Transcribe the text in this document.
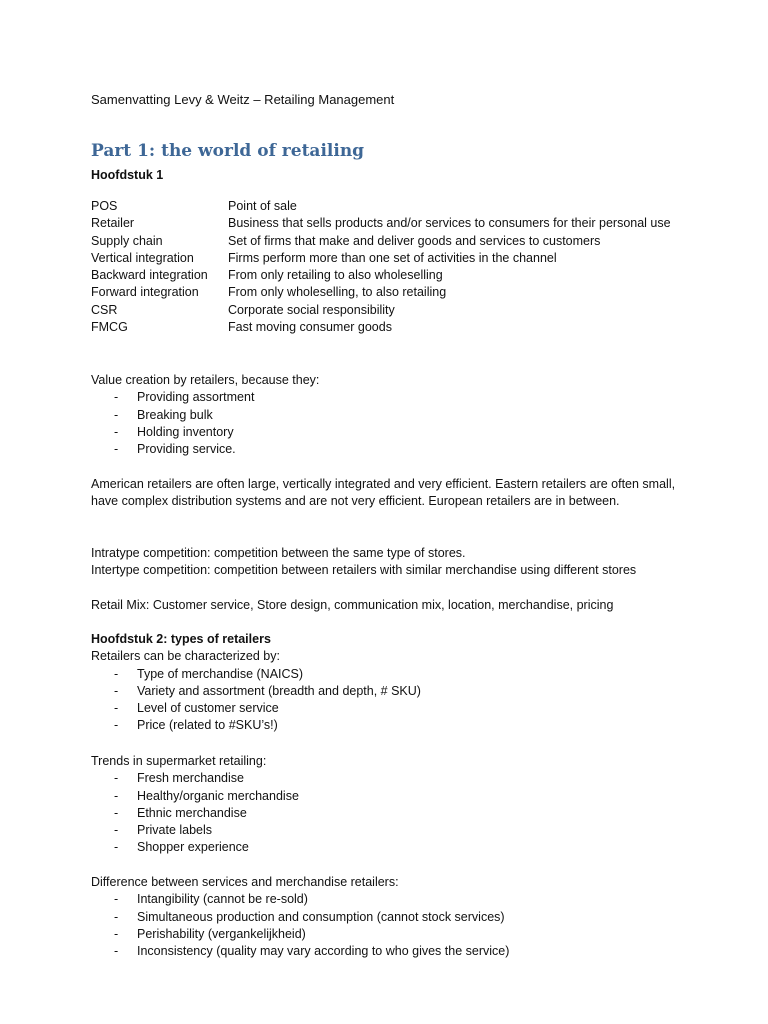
Samenvatting Levy & Weitz – Retailing Management
Part 1: the world of retailing
Hoofdstuk 1
POS	Point of sale
Retailer	Business that sells products and/or services to consumers for their personal use
Supply chain	Set of firms that make and deliver goods and services to customers
Vertical integration	Firms perform more than one set of activities in the channel
Backward integration	From only retailing to also wholeselling
Forward integration	From only wholeselling, to also retailing
CSR	Corporate social responsibility
FMCG	Fast moving consumer goods

Value creation by retailers, because they:

- Providing assortment
- Breaking bulk
- Holding inventory
- Providing service.
American retailers are often large, vertically integrated and very efficient. Eastern retailers are often small, have complex distribution systems and are not very efficient. European retailers are in between.

Intratype competition: competition between the same type of stores.

Intertype competition: competition between retailers with similar merchandise using different stores

Retail Mix: Customer service, Store design, communication mix, location, merchandise, pricing

Hoofdstuk 2: types of retailers

Retailers can be characterized by:

- Type of merchandise (NAICS)
- Variety and assortment (breadth and depth, # SKU)
- Level of customer service
- Price (related to #SKU’s!)

Trends in supermarket retailing:

- Fresh merchandise
- Healthy/organic merchandise
- Ethnic merchandise
- Private labels
- Shopper experience

Difference between services and merchandise retailers:

- Intangibility (cannot be re-sold)
- Simultaneous production and consumption (cannot stock services)
- Perishability (vergankelijkheid)
- Inconsistency (quality may vary according to who gives the service)
